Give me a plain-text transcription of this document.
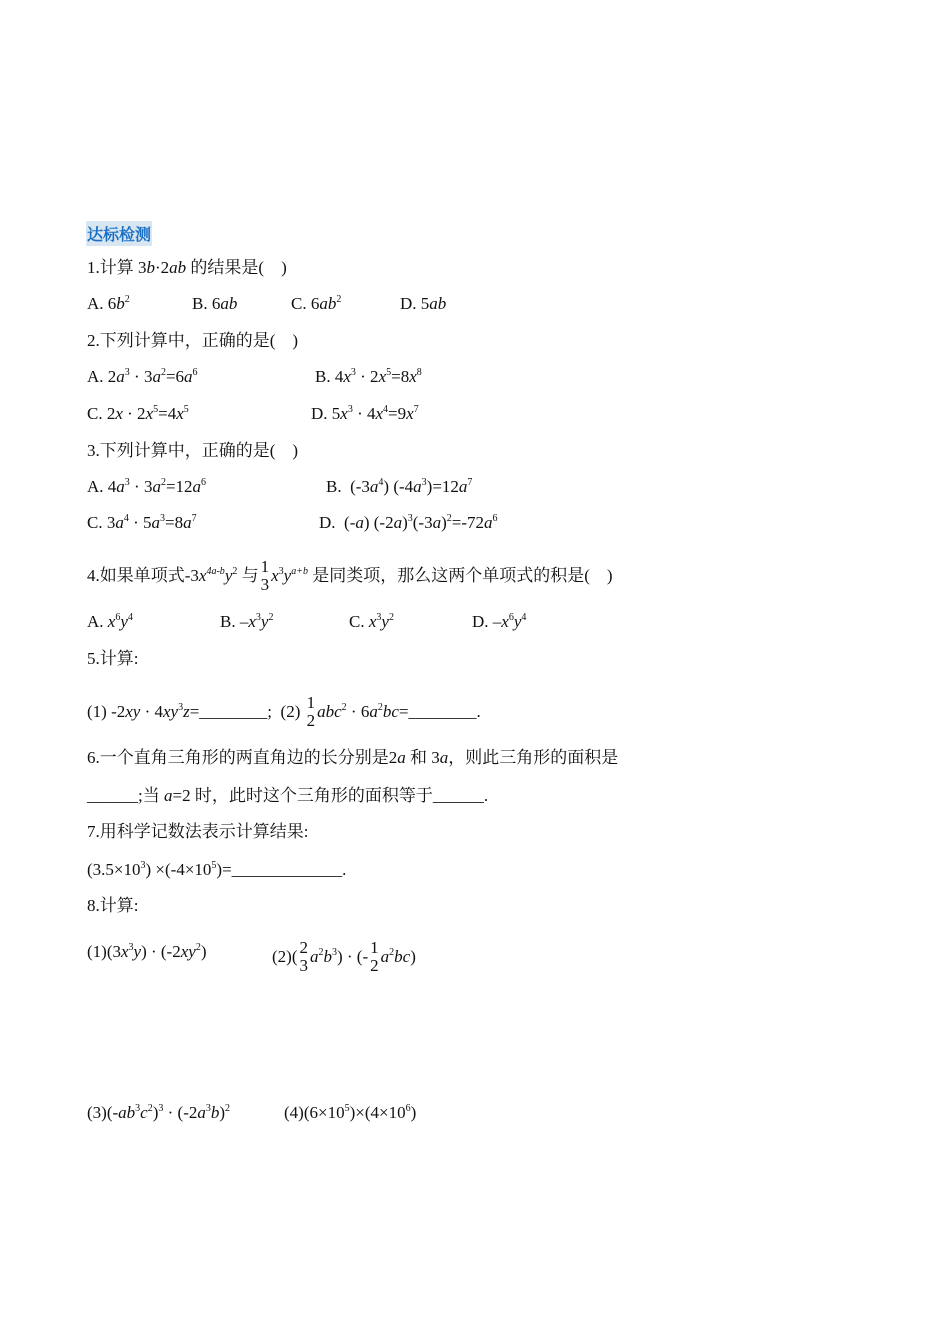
达标检测
1.计算 3b·2ab 的结果是(　)
A. $6b^2$	B. 6ab	C. $6ab^2$	D. 5ab
2.下列计算中，正确的是(　)
A. $2a^3 \cdot 3a^2=6a^6$	B. $4x^3 \cdot 2x^5=8x^8$
C. $2x \cdot 2x^5=4x^5$	D. $5x^3 \cdot 4x^4=9x^7$
3.下列计算中，正确的是(　)
A. $4a^3 \cdot 3a^2=12a^6$	B.  $(-3a^4)$ $(-4a^3)=12a^7$
C. $3a^4 \cdot 5a^3=8a^7$	D.  (-a) $(-2a)^3(-3a)^2=-72a^6$
4.如果单项式$-3x^{4a-b}y^2$ 与 1
3 $x^3y^{a+b}$ 是同类项，那么这两个单项式的积是(　)
A. $x^6y^4$	B. $-x^3y^2$	C. $x^3y^2$	D. $-x^6y^4$
5.计算:
(1) $-2xy \cdot 4xy^3z=\_\_\_\_\_\_\_\_$;  (2) 1
2 $abc^2 \cdot 6a^2bc=\_\_\_\_\_\_\_\_$.
6.一个直角三角形的两直角边的长分别是2a 和 3a，则此三角形的面积是
______;当 a=2 时，此时这个三角形的面积等于______.
7.用科学记数法表示计算结果:
$(3.5\times 10^3)$ $\times(-4\times 10^5)=\_\_\_\_\_\_\_\_\_\_\_\_\_$.
8.计算:
$(1)(3x^3y) \cdot (-2xy^2)$	(2)( 2
3 $a^2b^3$) · (- 1
2 $a^2bc$)
$(3)(-ab^3c^2)^3 \cdot (-2a^3b)^2$	$(4)(6\times 10^5)\times(4\times 10^6)$
